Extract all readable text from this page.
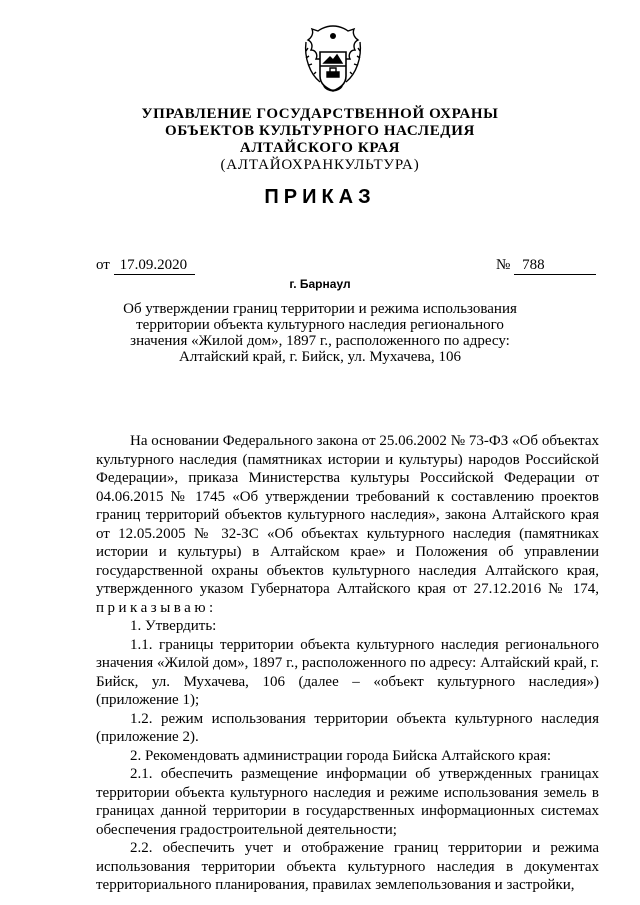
УПРАВЛЕНИЕ ГОСУДАРСТВЕННОЙ ОХРАНЫ
ОБЪЕКТОВ КУЛЬТУРНОГО НАСЛЕДИЯ
АЛТАЙСКОГО КРАЯ
(АЛТАЙОХРАНКУЛЬТУРА)
ПРИКАЗ
от 17.09.2020	№ 788
г. Барнаул
Об утверждении границ территории и режима использования территории объекта культурного наследия регионального значения «Жилой дом», 1897 г., расположенного по адресу: Алтайский край, г. Бийск, ул. Мухачева, 106

На основании Федерального закона от 25.06.2002 № 73-ФЗ «Об объектах культурного наследия (памятниках истории и культуры) народов Российской Федерации», приказа Министерства культуры Российской Федерации от 04.06.2015 № 1745 «Об утверждении требований к составлению проектов границ территорий объектов культурного наследия», закона Алтайского края от 12.05.2005 № 32-ЗС «Об объектах культурного наследия (памятниках истории и культуры) в Алтайском крае» и Положения об управлении государственной охраны объектов культурного наследия Алтайского края, утвержденного указом Губернатора Алтайского края от 27.12.2016 № 174, приказываю:

1. Утвердить:

1.1. границы территории объекта культурного наследия регионального значения «Жилой дом», 1897 г., расположенного по адресу: Алтайский край, г. Бийск, ул. Мухачева, 106 (далее – «объект культурного наследия») (приложение 1);

1.2. режим использования территории объекта культурного наследия (приложение 2).

2. Рекомендовать администрации города Бийска Алтайского края:

2.1. обеспечить размещение информации об утвержденных границах территории объекта культурного наследия и режиме использования земель в границах данной территории в государственных информационных системах обеспечения градостроительной деятельности;

2.2. обеспечить учет и отображение границ территории и режима использования территории объекта культурного наследия в документах территориального планирования, правилах землепользования и застройки,
